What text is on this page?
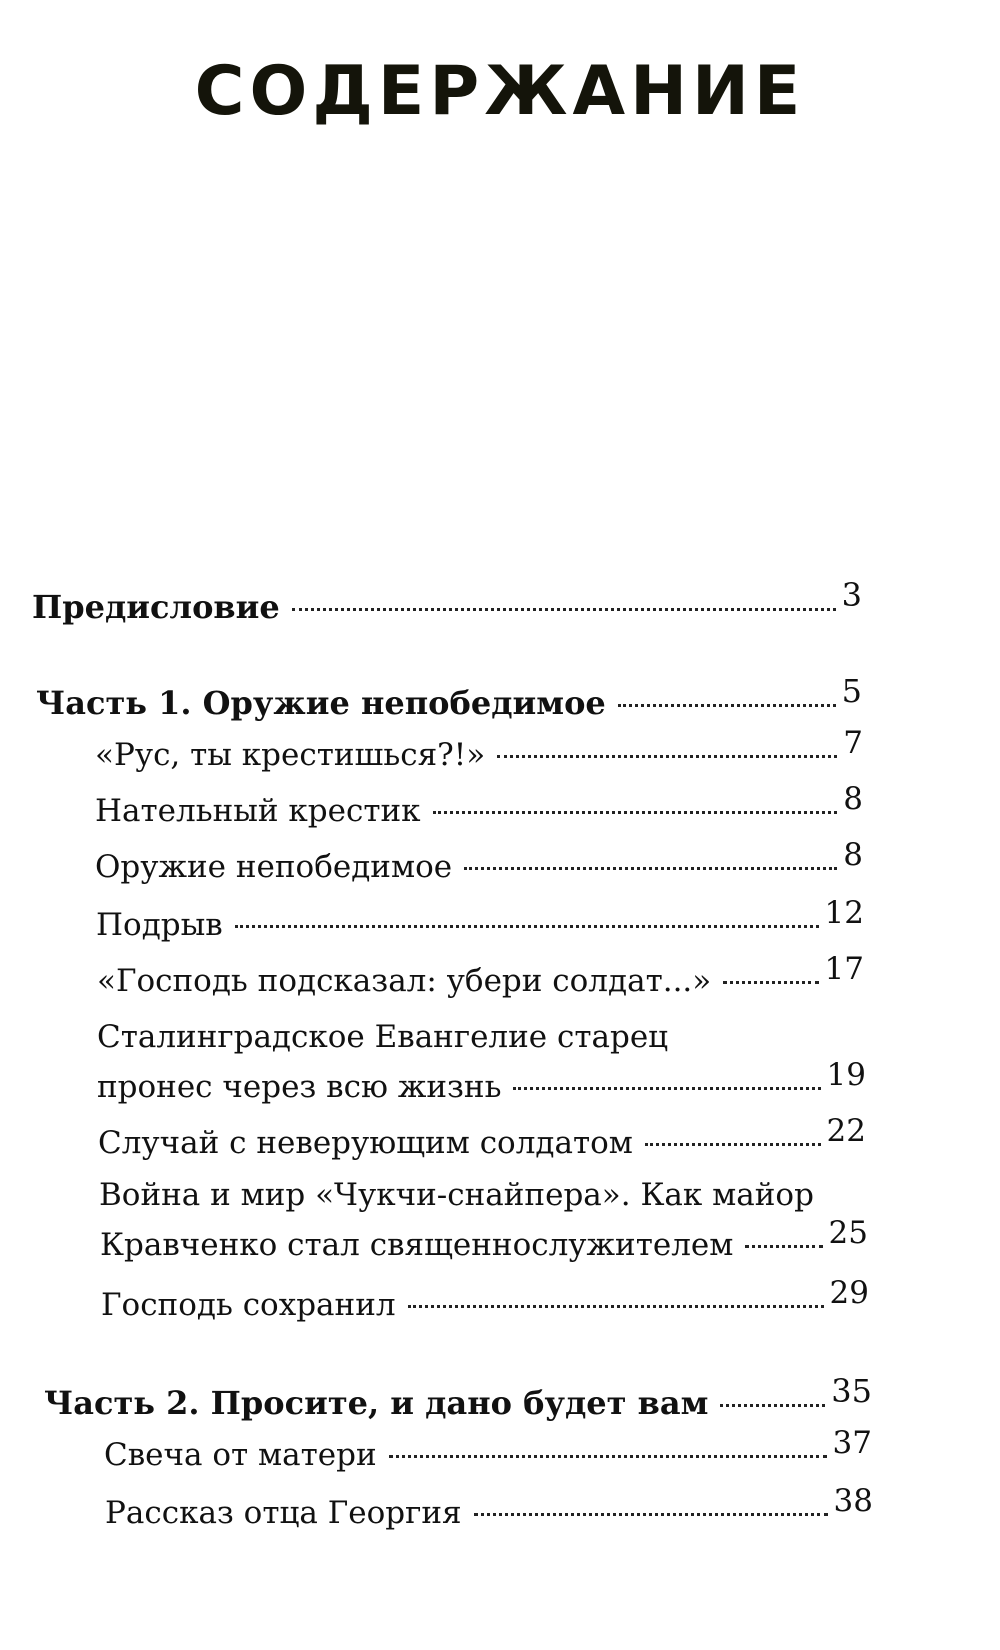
СОДЕРЖАНИЕ
Предисловие	3
Часть 1. Оружие непобедимое	5
«Рус, ты крестишься?!»	7
Нательный крестик	8
Оружие непобедимое	8
Подрыв	12
«Господь подсказал: убери солдат...»	17
Сталинградское Евангелие старец
пронес через всю жизнь	19
Случай с неверующим солдатом	22
Война и мир «Чукчи-снайпера». Как майор
Кравченко стал священнослужителем	25
Господь сохранил	29
Часть 2. Просите, и дано будет вам	35
Свеча от матери	37
Рассказ отца Георгия	38
